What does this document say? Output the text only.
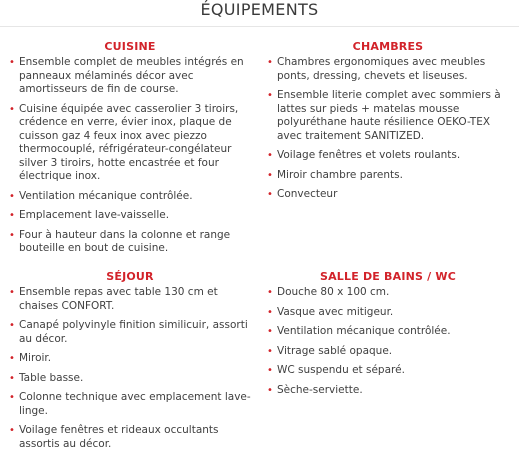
ÉQUIPEMENTS
CUISINE
• Ensemble complet de meubles intégrés en panneaux mélaminés décor avec amortisseurs de fin de course.
• Cuisine équipée avec casserolier 3 tiroirs, crédence en verre, évier inox, plaque de cuisson gaz 4 feux inox avec piezzo thermocouplé, réfrigérateur-congélateur silver 3 tiroirs, hotte encastrée et four électrique inox.
• Ventilation mécanique contrôlée.
• Emplacement lave-vaisselle.
• Four à hauteur dans la colonne et range bouteille en bout de cuisine.
CHAMBRES
• Chambres ergonomiques avec meubles ponts, dressing, chevets et liseuses.
• Ensemble literie complet avec sommiers à lattes sur pieds + matelas mousse polyuréthane haute résilience OEKO-TEX avec traitement SANITIZED.
• Voilage fenêtres et volets roulants.
• Miroir chambre parents.
• Convecteur
SÉJOUR
• Ensemble repas avec table 130 cm et chaises CONFORT.
• Canapé polyvinyle finition similicuir, assorti au décor.
• Miroir.
• Table basse.
• Colonne technique avec emplacement lave-linge.
• Voilage fenêtres et rideaux occultants assortis au décor.
SALLE DE BAINS / WC
• Douche 80 x 100 cm.
• Vasque avec mitigeur.
• Ventilation mécanique contrôlée.
• Vitrage sablé opaque.
• WC suspendu et séparé.
• Sèche-serviette.
